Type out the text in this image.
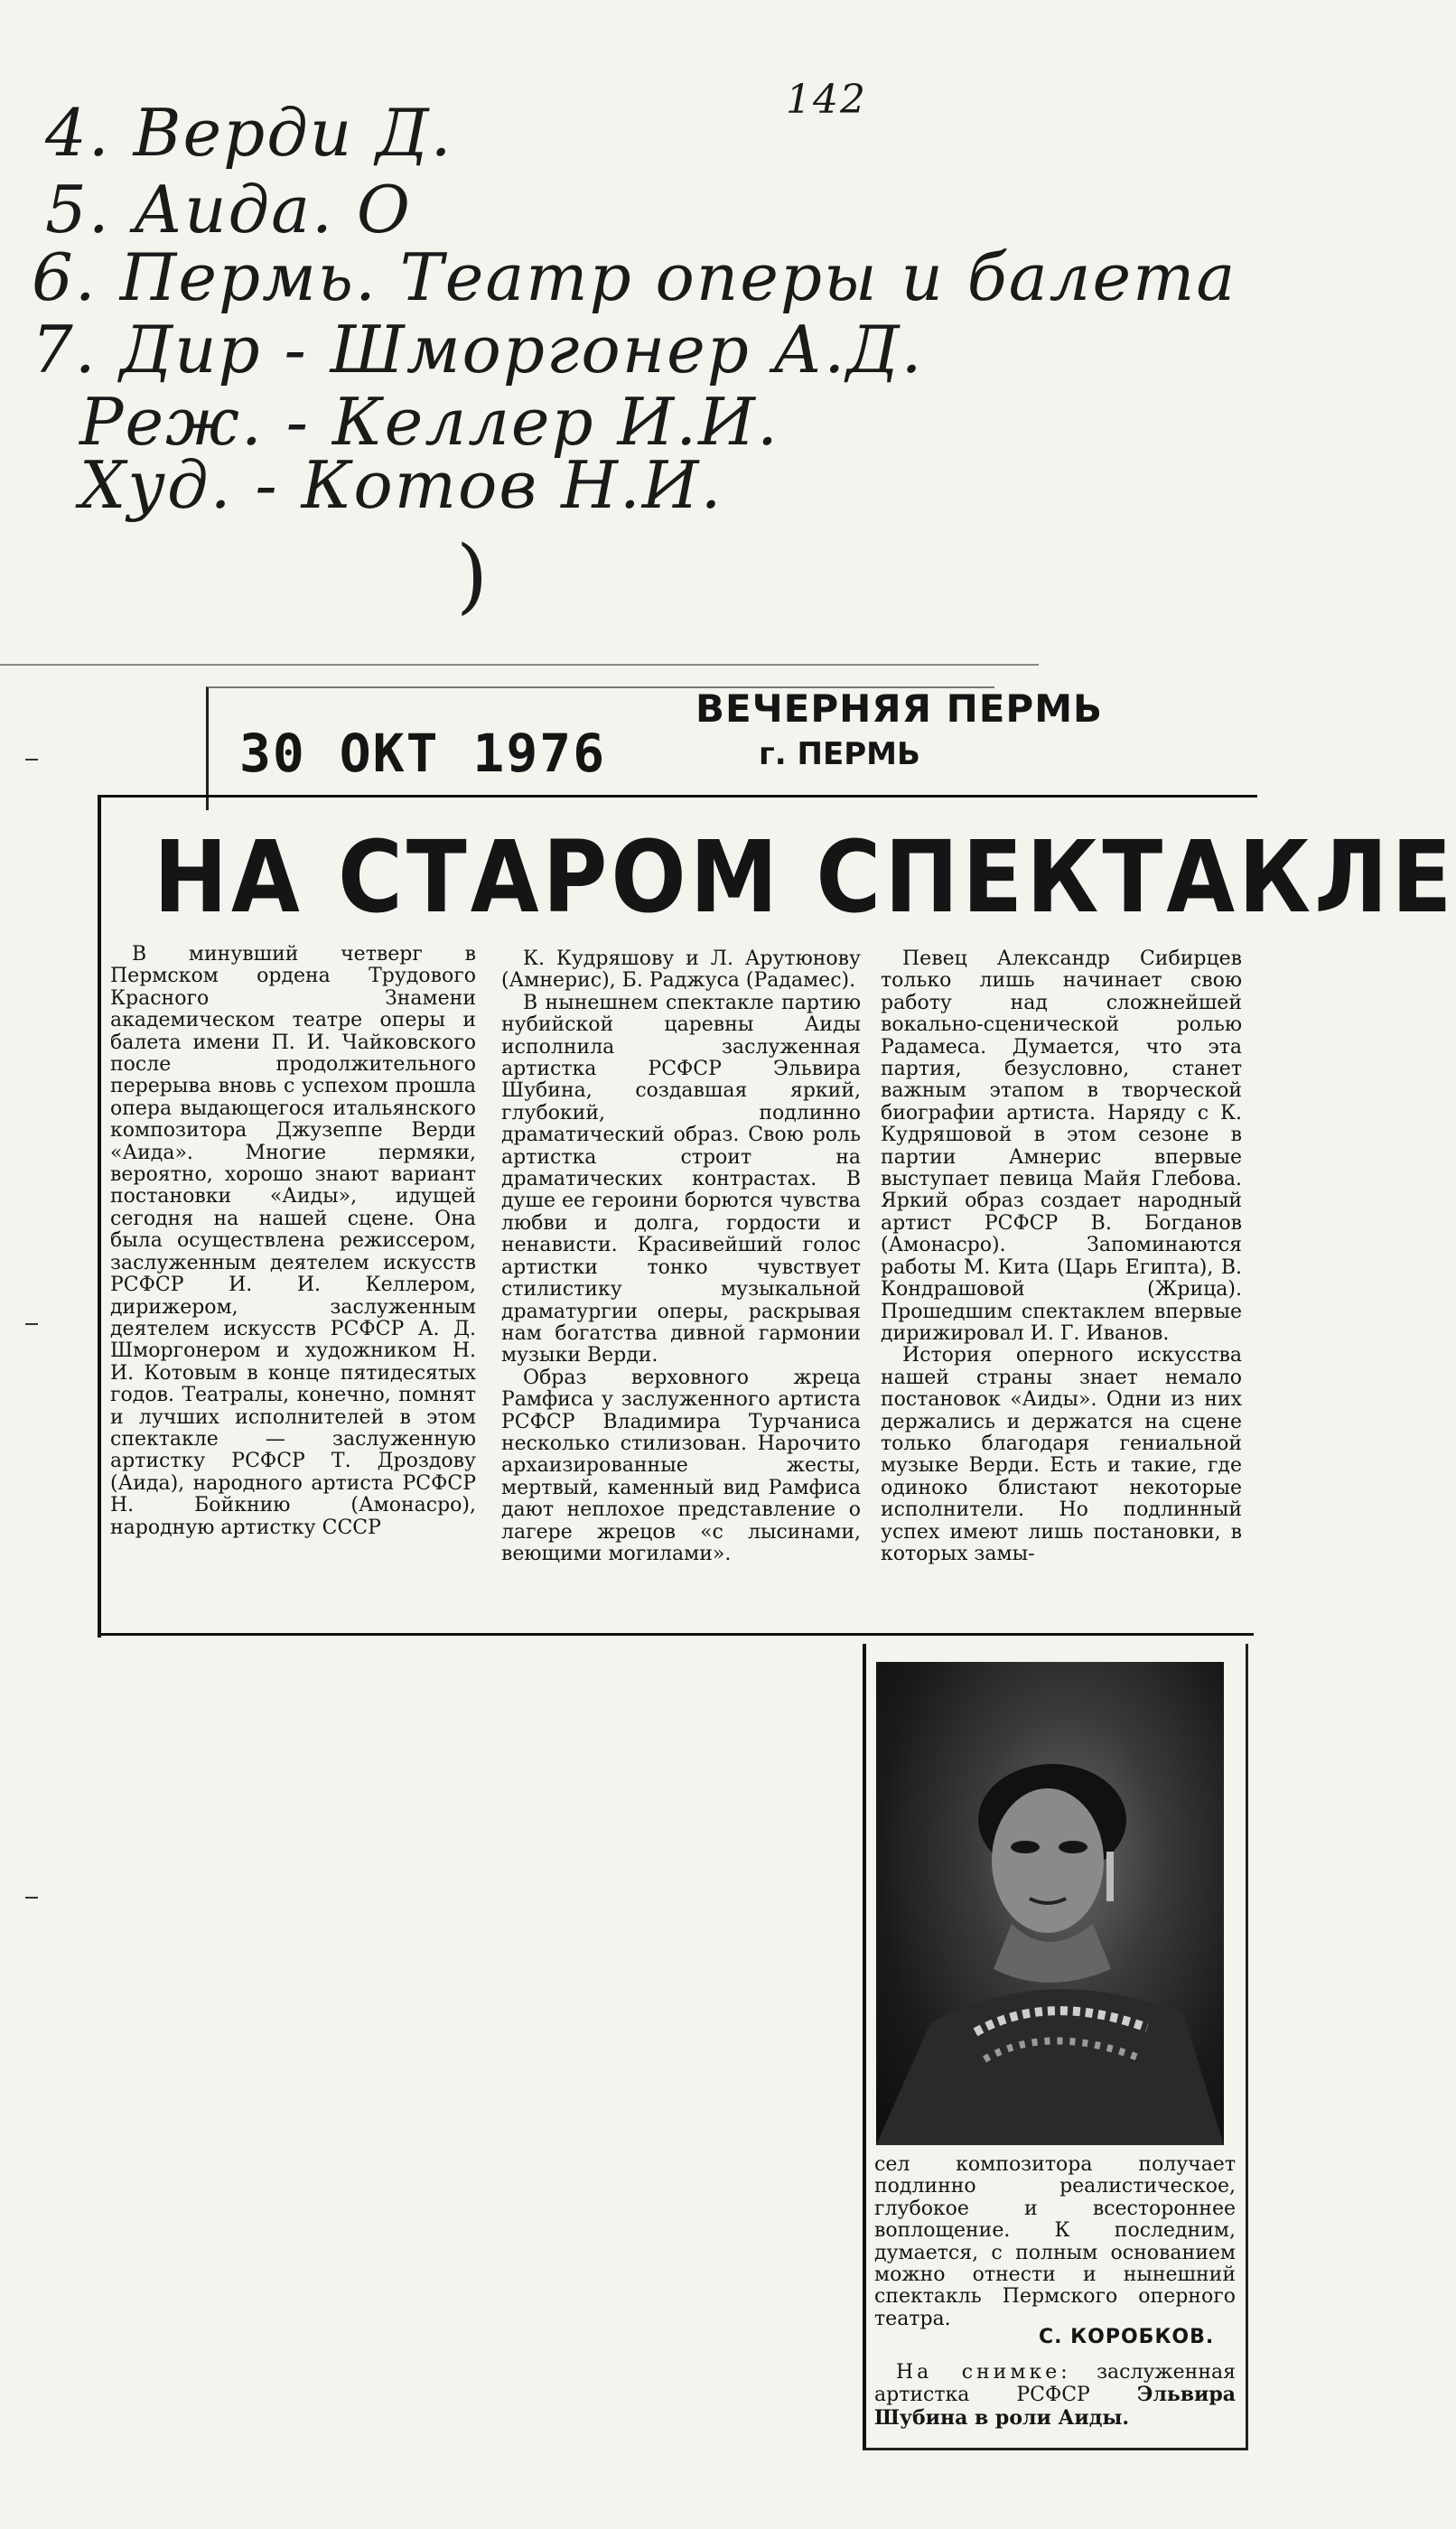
142
4. Верди Д.
5. Аида. О
6. Пермь. Театр оперы и балета
7. Дир - Шморгонер А.Д.
Реж. - Келлер И.И.
Худ. - Котов Н.И.
)
30 ОКТ 1976
ВЕЧЕРНЯЯ ПЕРМЬ
г. ПЕРМЬ
НА СТАРОМ СПЕКТАКЛЕ
В минувший четверг в Пермском ордена Трудового Красного Знамени академическом театре оперы и балета имени П. И. Чайковского после продолжительного перерыва вновь с успехом прошла опера выдающегося итальянского композитора Джузеппе Верди «Аида». Многие пермяки, вероятно, хорошо знают вариант постановки «Аиды», идущей сегодня на нашей сцене. Она была осуществлена режиссером, заслуженным деятелем искусств РСФСР И. И. Келлером, дирижером, заслуженным деятелем искусств РСФСР А. Д. Шморгонером и художником Н. И. Котовым в конце пятидесятых годов. Театралы, конечно, помнят и лучших исполнителей в этом спектакле — заслуженную артистку РСФСР Т. Дроздову (Аида), народного артиста РСФСР Н. Бойкнию (Амонасро), народную артистку СССР

К. Кудряшову и Л. Арутюнову (Амнерис), Б. Раджуса (Радамес).

В нынешнем спектакле партию нубийской царевны Аиды исполнила заслуженная артистка РСФСР Эльвира Шубина, создавшая яркий, глубокий, подлинно драматический образ. Свою роль артистка строит на драматических контрастах. В душе ее героини борются чувства любви и долга, гордости и ненависти. Красивейший голос артистки тонко чувствует стилистику музыкальной драматургии оперы, раскрывая нам богатства дивной гармонии музыки Верди.

Образ верховного жреца Рамфиса у заслуженного артиста РСФСР Владимира Турчаниса несколько стилизован. Нарочито архаизированные жесты, мертвый, каменный вид Рамфиса дают неплохое представление о лагере жрецов «с лысинами, веющими могилами».

Певец Александр Сибирцев только лишь начинает свою работу над сложнейшей вокально-сценической ролью Радамеса. Думается, что эта партия, безусловно, станет важным этапом в творческой биографии артиста. Наряду с К. Кудряшовой в этом сезоне в партии Амнерис впервые выступает певица Майя Глебова. Яркий образ создает народный артист РСФСР В. Богданов (Амонасро). Запоминаются работы М. Кита (Царь Египта), В. Кондрашовой (Жрица). Прошедшим спектаклем впервые дирижировал И. Г. Иванов.

История оперного искусства нашей страны знает немало постановок «Аиды». Одни из них держались и держатся на сцене только благодаря гениальной музыке Верди. Есть и такие, где одиноко блистают некоторые исполнители. Но подлинный успех имеют лишь постановки, в которых замы-

сел композитора получает подлинно реалистическое, глубокое и всестороннее воплощение. К последним, думается, с полным основанием можно отнести и нынешний спектакль Пермского оперного театра.
С. КОРОБКОВ.
На снимке: заслуженная артистка РСФСР Эльвира Шубина в роли Аиды.
